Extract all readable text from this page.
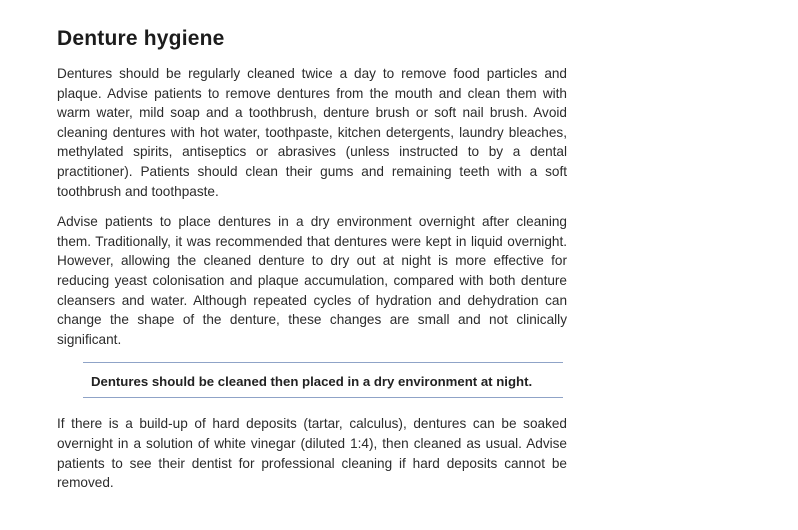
Denture hygiene

Dentures should be regularly cleaned twice a day to remove food particles and plaque. Advise patients to remove dentures from the mouth and clean them with warm water, mild soap and a toothbrush, denture brush or soft nail brush. Avoid cleaning dentures with hot water, toothpaste, kitchen detergents, laundry bleaches, methylated spirits, antiseptics or abrasives (unless instructed to by a dental practitioner). Patients should clean their gums and remaining teeth with a soft toothbrush and toothpaste.

Advise patients to place dentures in a dry environment overnight after cleaning them. Traditionally, it was recommended that dentures were kept in liquid overnight. However, allowing the cleaned denture to dry out at night is more effective for reducing yeast colonisation and plaque accumulation, compared with both denture cleansers and water. Although repeated cycles of hydration and dehydration can change the shape of the denture, these changes are small and not clinically significant.

Dentures should be cleaned then placed in a dry environment at night.

If there is a build-up of hard deposits (tartar, calculus), dentures can be soaked overnight in a solution of white vinegar (diluted 1:4), then cleaned as usual. Advise patients to see their dentist for professional cleaning if hard deposits cannot be removed.
